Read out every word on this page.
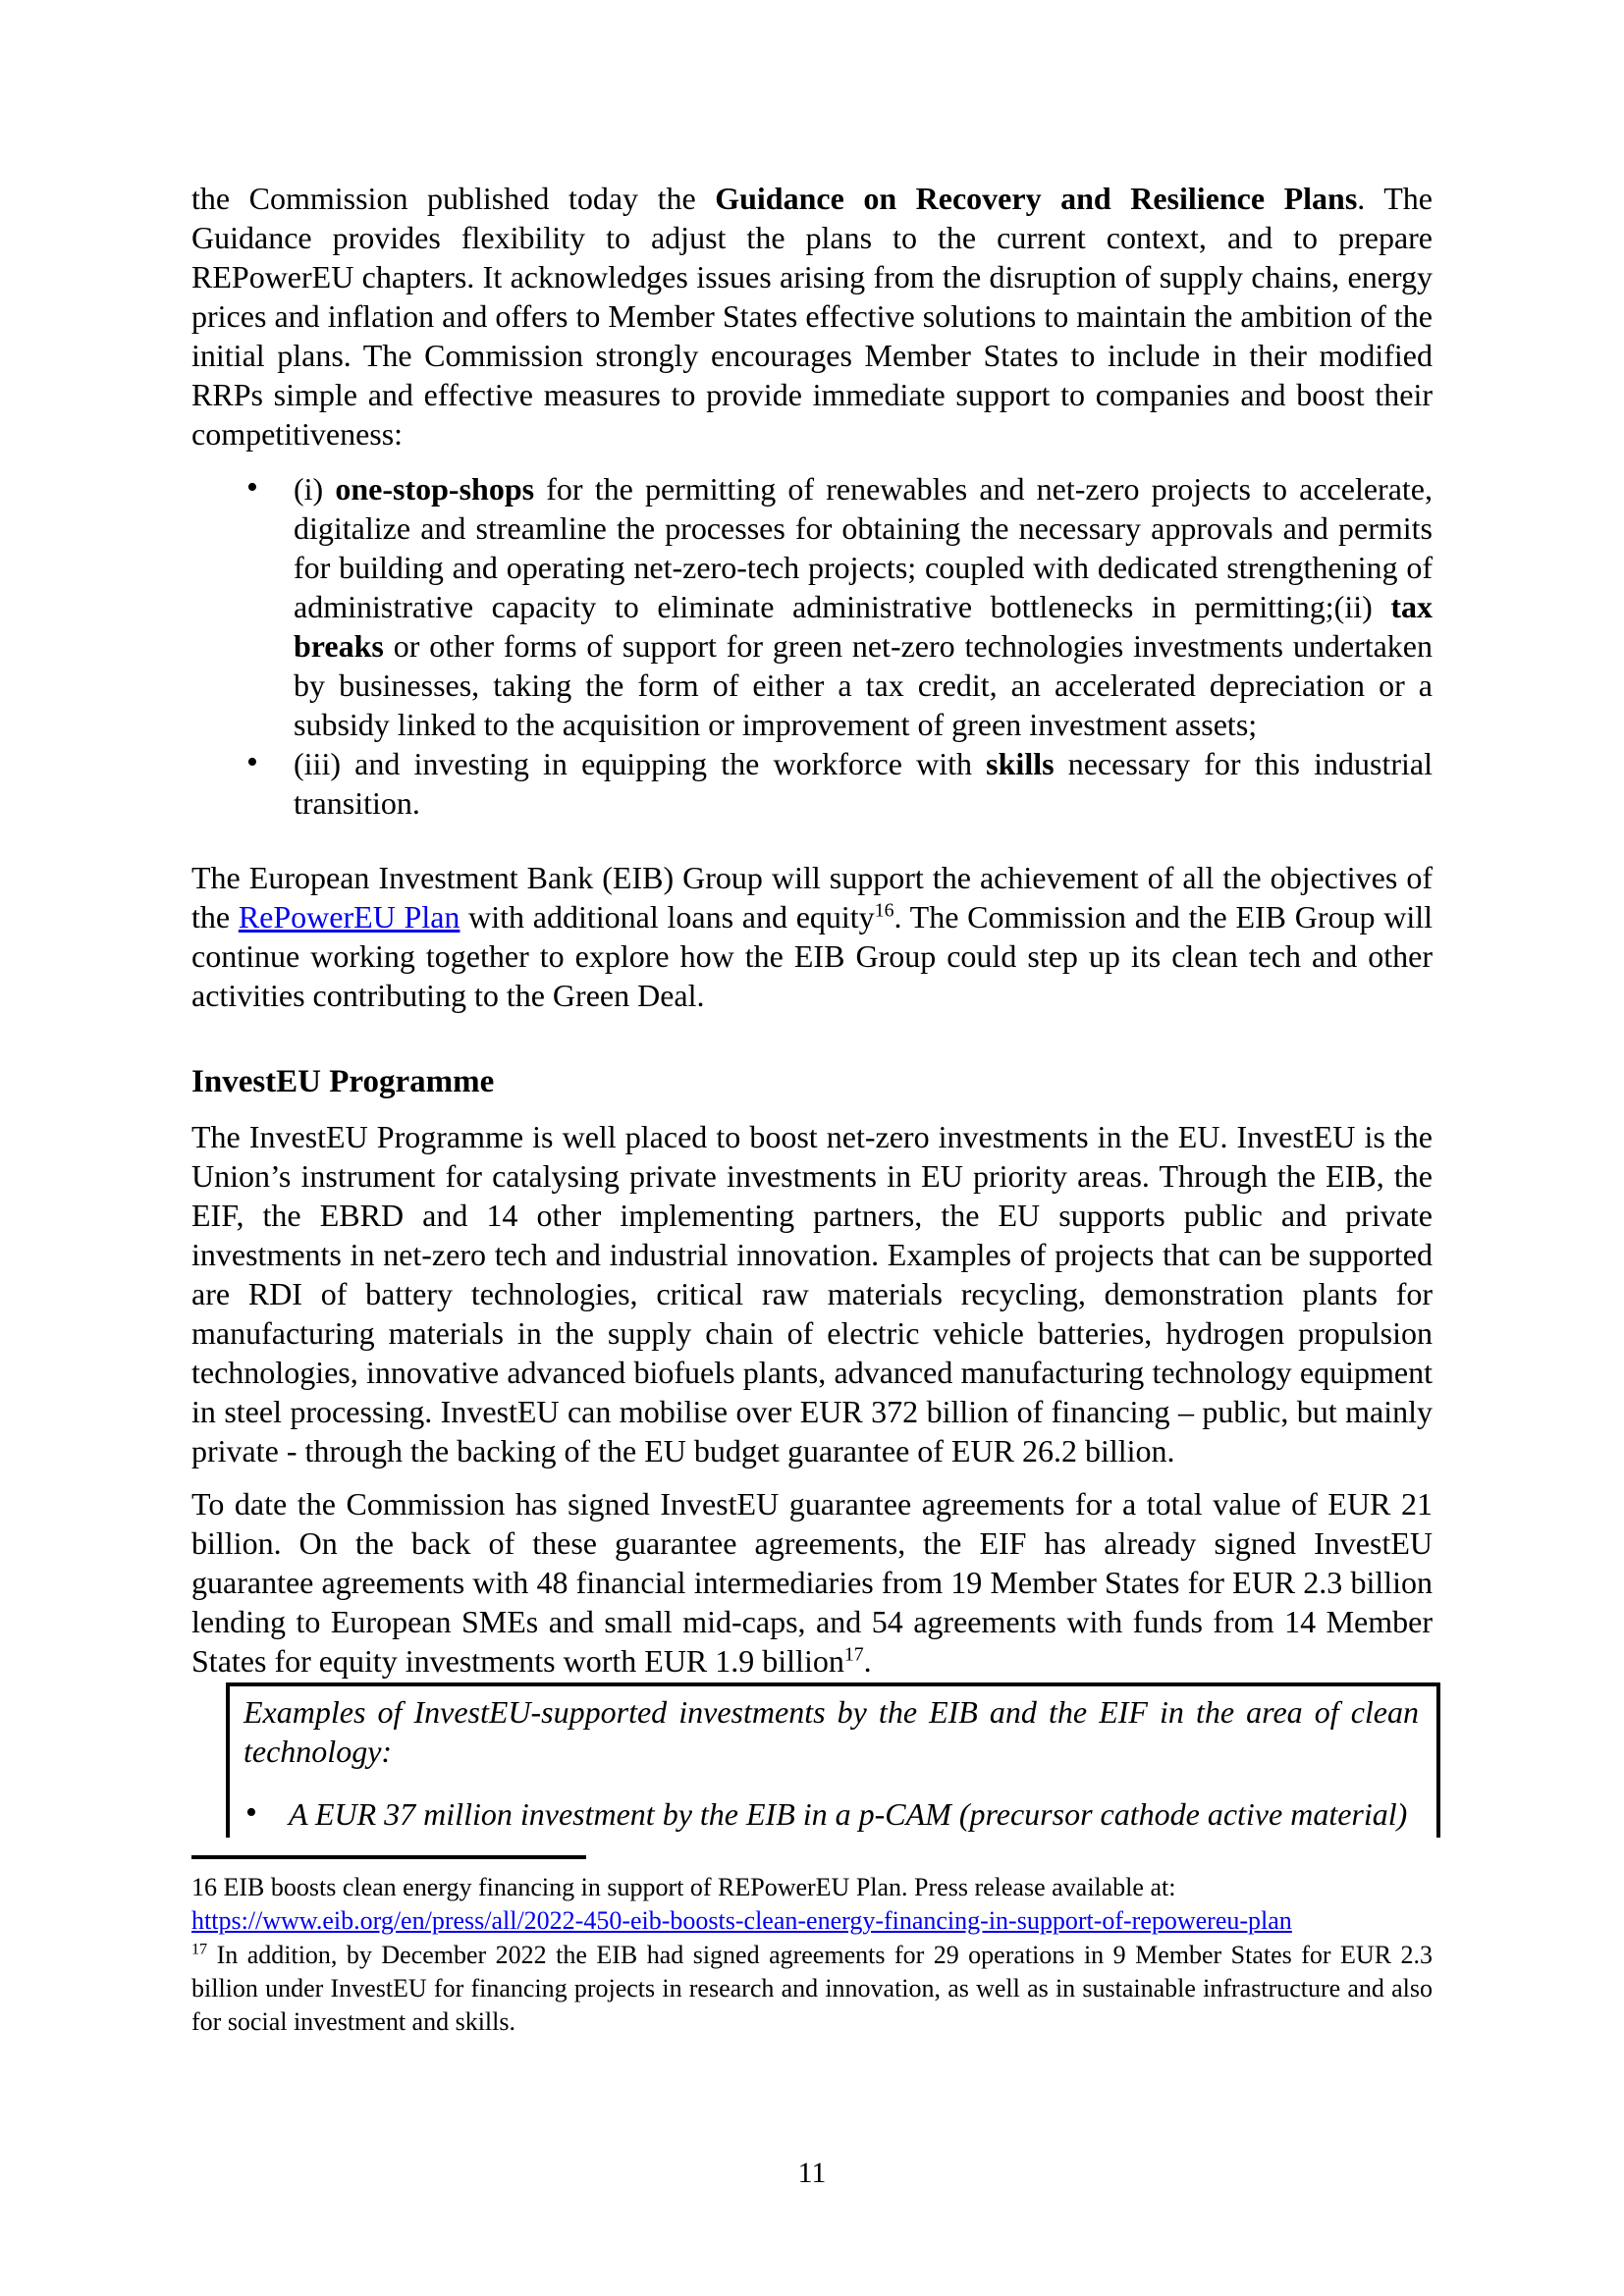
the Commission published today the Guidance on Recovery and Resilience Plans. The Guidance provides flexibility to adjust the plans to the current context, and to prepare REPowerEU chapters. It acknowledges issues arising from the disruption of supply chains, energy prices and inflation and offers to Member States effective solutions to maintain the ambition of the initial plans. The Commission strongly encourages Member States to include in their modified RRPs simple and effective measures to provide immediate support to companies and boost their competitiveness:

• (i) one-stop-shops for the permitting of renewables and net-zero projects to accelerate, digitalize and streamline the processes for obtaining the necessary approvals and permits for building and operating net-zero-tech projects; coupled with dedicated strengthening of administrative capacity to eliminate administrative bottlenecks in permitting;(ii) tax breaks or other forms of support for green net-zero technologies investments undertaken by businesses, taking the form of either a tax credit, an accelerated depreciation or a subsidy linked to the acquisition or improvement of green investment assets;
• (iii) and investing in equipping the workforce with skills necessary for this industrial transition.

The European Investment Bank (EIB) Group will support the achievement of all the objectives of the RePowerEU Plan with additional loans and equity$^{16}$. The Commission and the EIB Group will continue working together to explore how the EIB Group could step up its clean tech and other activities contributing to the Green Deal.

InvestEU Programme

The InvestEU Programme is well placed to boost net-zero investments in the EU. InvestEU is the Union’s instrument for catalysing private investments in EU priority areas. Through the EIB, the EIF, the EBRD and 14 other implementing partners, the EU supports public and private investments in net-zero tech and industrial innovation. Examples of projects that can be supported are RDI of battery technologies, critical raw materials recycling, demonstration plants for manufacturing materials in the supply chain of electric vehicle batteries, hydrogen propulsion technologies, innovative advanced biofuels plants, advanced manufacturing technology equipment in steel processing. InvestEU can mobilise over EUR 372 billion of financing – public, but mainly private - through the backing of the EU budget guarantee of EUR 26.2 billion.

To date the Commission has signed InvestEU guarantee agreements for a total value of EUR 21 billion. On the back of these guarantee agreements, the EIF has already signed InvestEU guarantee agreements with 48 financial intermediaries from 19 Member States for EUR 2.3 billion lending to European SMEs and small mid-caps, and 54 agreements with funds from 14 Member States for equity investments worth EUR 1.9 billion$^{17}$.

Examples of InvestEU-supported investments by the EIB and the EIF in the area of clean technology:

• A EUR 37 million investment by the EIB in a p-CAM (precursor cathode active material)

16 EIB boosts clean energy financing in support of REPowerEU Plan. Press release available at:
https://www.eib.org/en/press/all/2022-450-eib-boosts-clean-energy-financing-in-support-of-repowereu-plan

$^{17}$ In addition, by December 2022 the EIB had signed agreements for 29 operations in 9 Member States for EUR 2.3 billion under InvestEU for financing projects in research and innovation, as well as in sustainable infrastructure and also for social investment and skills.

11
